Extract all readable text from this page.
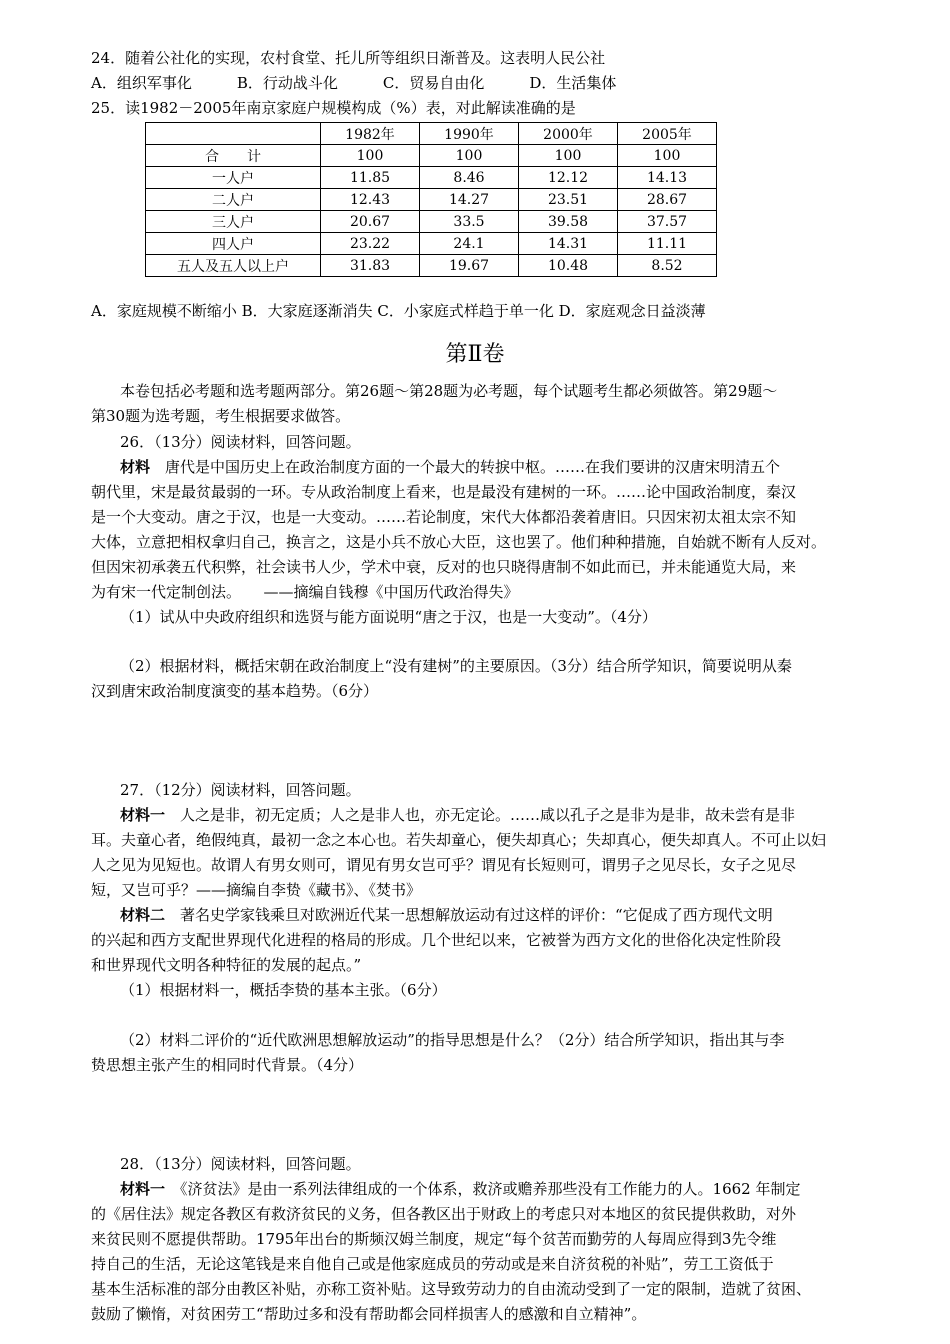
24．随着公社化的实现，农村食堂、托儿所等组织日渐普及。这表明人民公社
A．组织军事化　　　B．行动战斗化　　　C．贸易自由化　　　D．生活集体
25．读1982－2005年南京家庭户规模构成（%）表，对此解读准确的是
	1982年	1990年	2000年	2005年
合　　计	100	100	100	100
一人户	11.85	8.46	12.12	14.13
二人户	12.43	14.27	23.51	28.67
三人户	20.67	33.5	39.58	37.57
四人户	23.22	24.1	14.31	11.11
五人及五人以上户	31.83	19.67	10.48	8.52
A．家庭规模不断缩小 B．大家庭逐渐消失 C．小家庭式样趋于单一化 D．家庭观念日益淡薄
第Ⅱ卷
本卷包括必考题和选考题两部分。第26题～第28题为必考题，每个试题考生都必须做答。第29题～
第30题为选考题，考生根据要求做答。
26．（13分）阅读材料，回答问题。
材料　唐代是中国历史上在政治制度方面的一个最大的转捩中枢。……在我们要讲的汉唐宋明清五个
朝代里，宋是最贫最弱的一环。专从政治制度上看来，也是最没有建树的一环。……论中国政治制度，秦汉
是一个大变动。唐之于汉，也是一大变动。……若论制度，宋代大体都沿袭着唐旧。只因宋初太祖太宗不知
大体，立意把相权拿归自己，换言之，这是小兵不放心大臣，这也罢了。他们种种措施，自始就不断有人反对。
但因宋初承袭五代积弊，社会读书人少，学术中衰，反对的也只晓得唐制不如此而已，并未能通览大局，来
为有宋一代定制创法。　　——摘编自钱穆《中国历代政治得失》
（1）试从中央政府组织和选贤与能方面说明“唐之于汉，也是一大变动”。（4分）
（2）根据材料，概括宋朝在政治制度上“没有建树”的主要原因。（3分）结合所学知识，简要说明从秦
汉到唐宋政治制度演变的基本趋势。（6分）
27．（12分）阅读材料，回答问题。
材料一　人之是非，初无定质；人之是非人也，亦无定论。……咸以孔子之是非为是非，故未尝有是非
耳。夫童心者，绝假纯真，最初一念之本心也。若失却童心，便失却真心；失却真心，便失却真人。不可止以妇
人之见为见短也。故谓人有男女则可，谓见有男女岂可乎？谓见有长短则可，谓男子之见尽长，女子之见尽
短，又岂可乎？——摘编自李贽《藏书》、《焚书》
材料二　著名史学家钱乘旦对欧洲近代某一思想解放运动有过这样的评价：“它促成了西方现代文明
的兴起和西方支配世界现代化进程的格局的形成。几个世纪以来，它被誉为西方文化的世俗化决定性阶段
和世界现代文明各种特征的发展的起点。”
（1）根据材料一，概括李贽的基本主张。（6分）
（2）材料二评价的“近代欧洲思想解放运动”的指导思想是什么？（2分）结合所学知识，指出其与李
贽思想主张产生的相同时代背景。（4分）
28．（13分）阅读材料，回答问题。
材料一　《济贫法》是由一系列法律组成的一个体系，救济或赡养那些没有工作能力的人。1662 年制定
的《居住法》规定各教区有救济贫民的义务，但各教区出于财政上的考虑只对本地区的贫民提供救助，对外
来贫民则不愿提供帮助。1795年出台的斯频汉姆兰制度，规定“每个贫苦而勤劳的人每周应得到3先令维
持自己的生活，无论这笔钱是来自他自己或是他家庭成员的劳动或是来自济贫税的补贴”，劳工工资低于
基本生活标准的部分由教区补贴，亦称工资补贴。这导致劳动力的自由流动受到了一定的限制，造就了贫困、
鼓励了懒惰，对贫困劳工“帮助过多和没有帮助都会同样损害人的感激和自立精神”。
